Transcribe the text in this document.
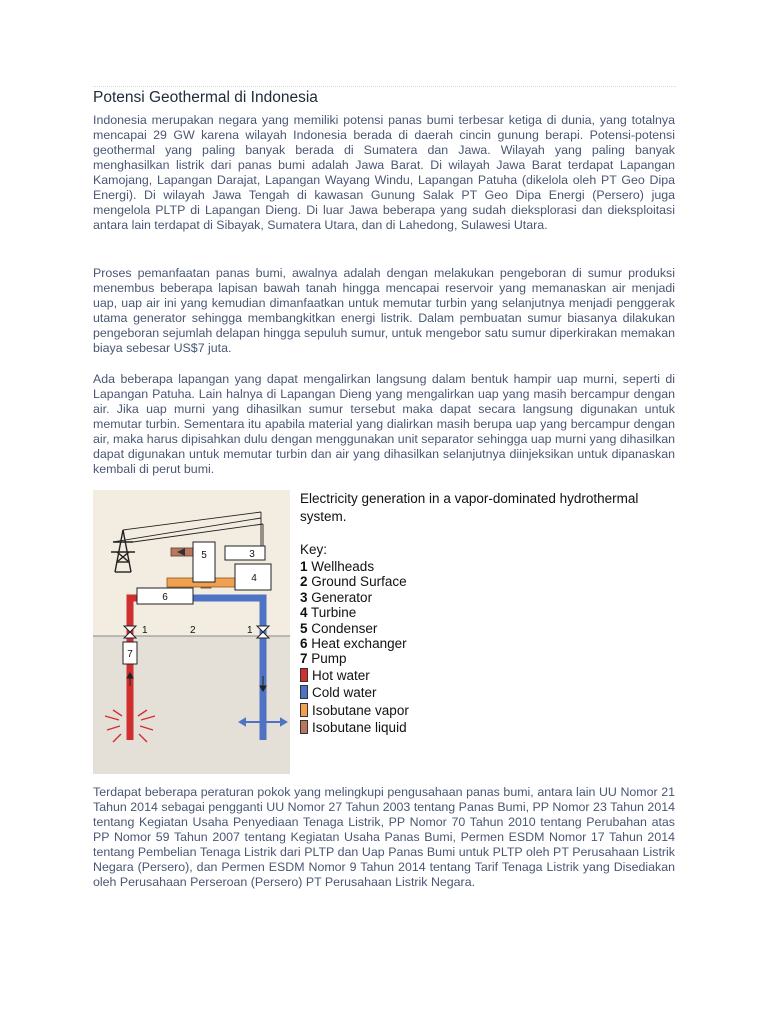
Potensi Geothermal di Indonesia
Indonesia merupakan negara yang memiliki potensi panas bumi terbesar ketiga di dunia, yang totalnya mencapai 29 GW karena wilayah Indonesia berada di daerah cincin gunung berapi. Potensi-potensi geothermal yang paling banyak berada di Sumatera dan Jawa. Wilayah yang paling banyak menghasilkan listrik dari panas bumi adalah Jawa Barat. Di wilayah Jawa Barat terdapat Lapangan Kamojang, Lapangan Darajat, Lapangan Wayang Windu, Lapangan Patuha (dikelola oleh PT Geo Dipa Energi). Di wilayah Jawa Tengah di kawasan Gunung Salak PT Geo Dipa Energi (Persero) juga mengelola PLTP di Lapangan Dieng. Di luar Jawa beberapa yang sudah dieksplorasi dan dieksploitasi antara lain terdapat di Sibayak, Sumatera Utara, dan di Lahedong, Sulawesi Utara.
Proses pemanfaatan panas bumi, awalnya adalah dengan melakukan pengeboran di sumur produksi menembus beberapa lapisan bawah tanah hingga mencapai reservoir yang memanaskan air menjadi uap, uap air ini yang kemudian dimanfaatkan untuk memutar turbin yang selanjutnya menjadi penggerak utama generator sehingga membangkitkan energi listrik. Dalam pembuatan sumur biasanya dilakukan pengeboran sejumlah delapan hingga sepuluh sumur, untuk mengebor satu sumur diperkirakan memakan biaya sebesar US$7 juta.
Ada beberapa lapangan yang dapat mengalirkan langsung dalam bentuk hampir uap murni, seperti di Lapangan Patuha. Lain halnya di Lapangan Dieng yang mengalirkan uap yang masih bercampur dengan air. Jika uap murni yang dihasilkan sumur tersebut maka dapat secara langsung digunakan untuk memutar turbin. Sementara itu apabila material yang dialirkan masih berupa uap yang bercampur dengan air, maka harus dipisahkan dulu dengan menggunakan unit separator sehingga uap murni yang dihasilkan dapat digunakan untuk memutar turbin dan air yang dihasilkan selanjutnya diinjeksikan untuk dipanaskan kembali di perut bumi.
5	3
4
6
1	2	1
7
Electricity generation in a vapor-dominated hydrothermal system.
Key:
1 Wellheads
2 Ground Surface
3 Generator
4 Turbine
5 Condenser
6 Heat exchanger
7 Pump
Hot water
Cold water
Isobutane vapor
Isobutane liquid
Terdapat beberapa peraturan pokok yang melingkupi pengusahaan panas bumi, antara lain UU Nomor 21 Tahun 2014 sebagai pengganti UU Nomor 27 Tahun 2003 tentang Panas Bumi, PP Nomor 23 Tahun 2014 tentang Kegiatan Usaha Penyediaan Tenaga Listrik, PP Nomor 70 Tahun 2010 tentang Perubahan atas PP Nomor 59 Tahun 2007 tentang Kegiatan Usaha Panas Bumi, Permen ESDM Nomor 17 Tahun 2014 tentang Pembelian Tenaga Listrik dari PLTP dan Uap Panas Bumi untuk PLTP oleh PT Perusahaan Listrik Negara (Persero), dan Permen ESDM Nomor 9 Tahun 2014 tentang Tarif Tenaga Listrik yang Disediakan oleh Perusahaan Perseroan (Persero) PT Perusahaan Listrik Negara.
